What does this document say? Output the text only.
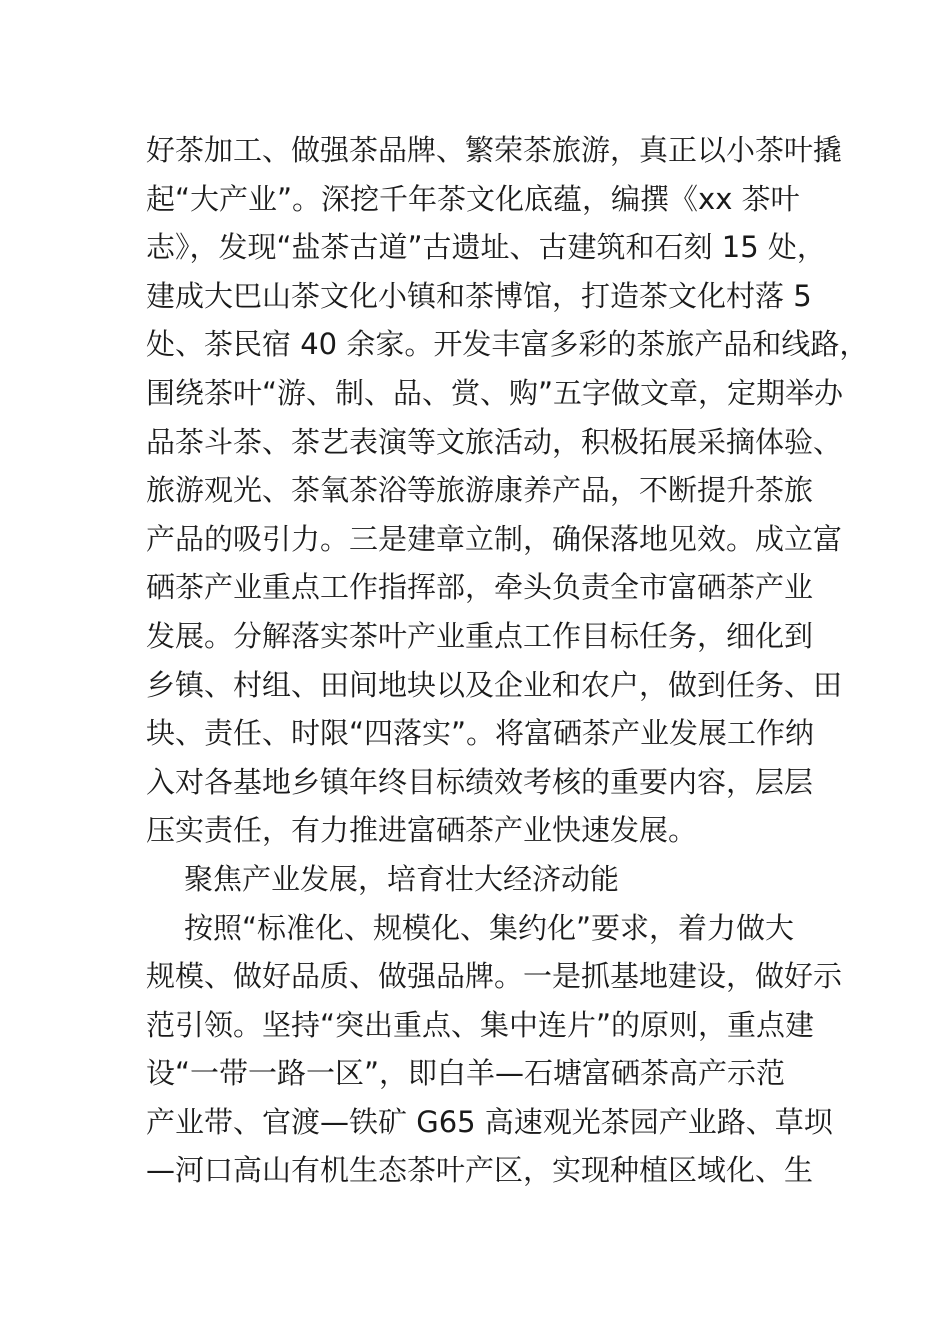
好茶加工、做强茶品牌、繁荣茶旅游，真正以小茶叶撬
起“大产业”。深挖千年茶文化底蕴，编撰《xx 茶叶
志》，发现“盐茶古道”古遗址、古建筑和石刻 15 处，
建成大巴山茶文化小镇和茶博馆，打造茶文化村落 5
处、茶民宿 40 余家。开发丰富多彩的茶旅产品和线路，
围绕茶叶“游、制、品、赏、购”五字做文章，定期举办
品茶斗茶、茶艺表演等文旅活动，积极拓展采摘体验、
旅游观光、茶氧茶浴等旅游康养产品，不断提升茶旅
产品的吸引力。三是建章立制，确保落地见效。成立富
硒茶产业重点工作指挥部，牵头负责全市富硒茶产业
发展。分解落实茶叶产业重点工作目标任务，细化到
乡镇、村组、田间地块以及企业和农户，做到任务、田
块、责任、时限“四落实”。将富硒茶产业发展工作纳
入对各基地乡镇年终目标绩效考核的重要内容，层层
压实责任，有力推进富硒茶产业快速发展。
聚焦产业发展，培育壮大经济动能
按照“标准化、规模化、集约化”要求，着力做大
规模、做好品质、做强品牌。一是抓基地建设，做好示
范引领。坚持“突出重点、集中连片”的原则，重点建
设“一带一路一区”，即白羊—石塘富硒茶高产示范
产业带、官渡—铁矿 G65 高速观光茶园产业路、草坝
—河口高山有机生态茶叶产区，实现种植区域化、生
